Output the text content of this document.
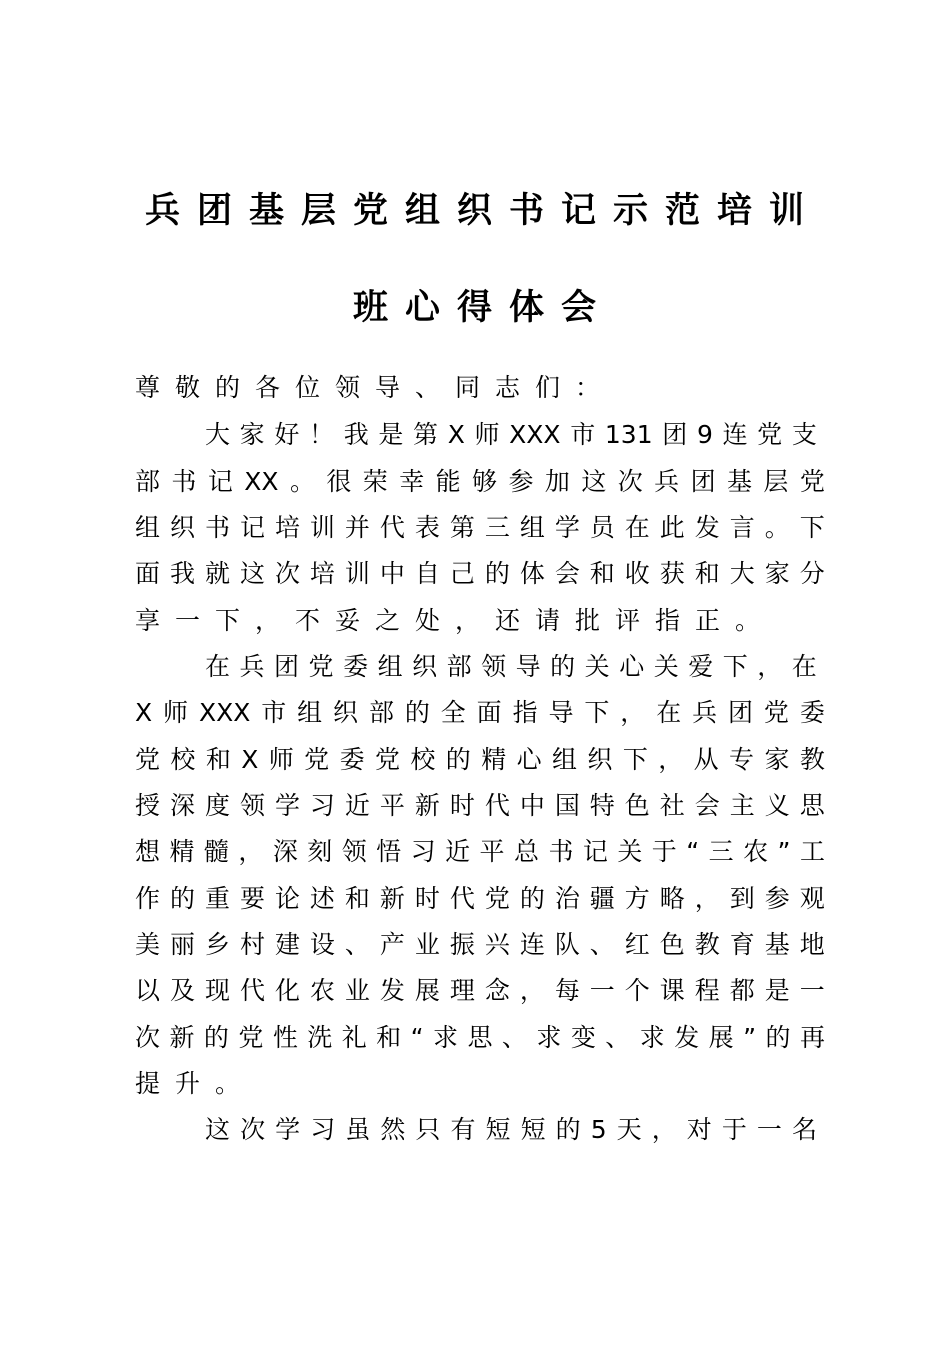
兵团基层党组织书记示范培训
班心得体会
尊敬的各位领导、同志们：
大 家 好 ！ 我 是 第 X 师 XXX 市 131 团 9 连 党 支
部 书 记 XX 。 很 荣 幸 能 够 参 加 这 次 兵 团 基 层 党
组 织 书 记 培 训 并 代 表 第 三 组 学 员 在 此 发 言 。 下
面 我 就 这 次 培 训 中 自 己 的 体 会 和 收 获 和 大 家 分
享一下，不妥之处，还请批评指正。
在 兵 团 党 委 组 织 部 领 导 的 关 心 关 爱 下 ， 在
X 师 XXX 市 组 织 部 的 全 面 指 导 下 ， 在 兵 团 党 委
党 校 和 X 师 党 委 党 校 的 精 心 组 织 下 ， 从 专 家 教
授 深 度 领 学 习 近 平 新 时 代 中 国 特 色 社 会 主 义 思
想 精 髓 ， 深 刻 领 悟 习 近 平 总 书 记 关 于 “ 三 农 ” 工
作 的 重 要 论 述 和 新 时 代 党 的 治 疆 方 略 ， 到 参 观
美 丽 乡 村 建 设 、 产 业 振 兴 连 队 、 红 色 教 育 基 地
以 及 现 代 化 农 业 发 展 理 念 ， 每 一 个 课 程 都 是 一
次 新 的 党 性 洗 礼 和 “ 求 思 、 求 变 、 求 发 展 ” 的 再
提升。
这 次 学 习 虽 然 只 有 短 短 的 5 天 ， 对 于 一 名
